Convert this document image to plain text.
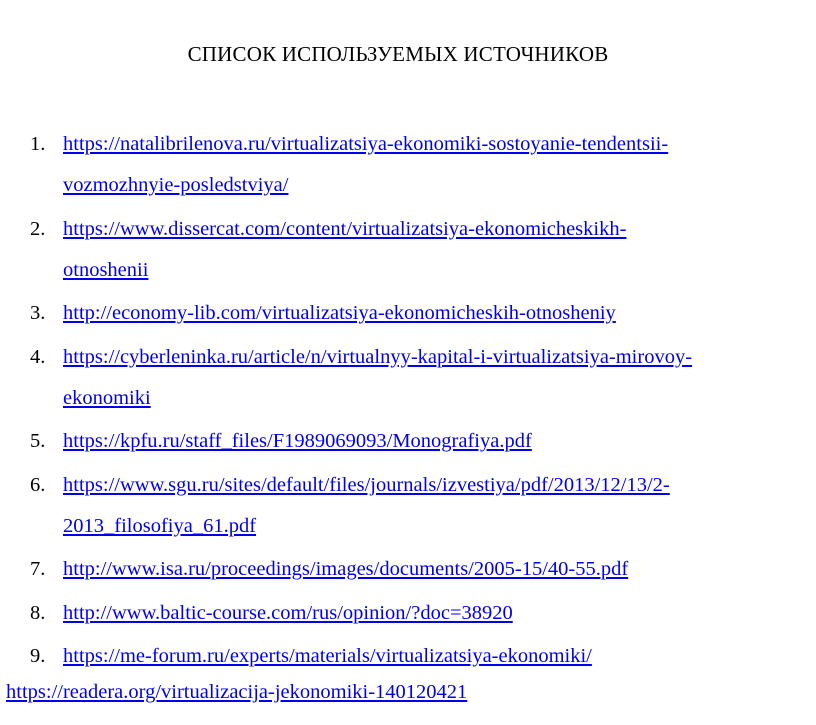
СПИСОК ИСПОЛЬЗУЕМЫХ ИСТОЧНИКОВ
1. https://natalibrilenova.ru/virtualizatsiya-ekonomiki-sostoyanie-tendentsii-
vozmozhnyie-posledstviya/
2. https://www.dissercat.com/content/virtualizatsiya-ekonomicheskikh-
otnoshenii
3. http://economy-lib.com/virtualizatsiya-ekonomicheskih-otnosheniy
4. https://cyberleninka.ru/article/n/virtualnyy-kapital-i-virtualizatsiya-mirovoy-
ekonomiki
5. https://kpfu.ru/staff_files/F1989069093/Monografiya.pdf
6. https://www.sgu.ru/sites/default/files/journals/izvestiya/pdf/2013/12/13/2-
2013_filosofiya_61.pdf
7. http://www.isa.ru/proceedings/images/documents/2005-15/40-55.pdf
8. http://www.baltic-course.com/rus/opinion/?doc=38920
9. https://me-forum.ru/experts/materials/virtualizatsiya-ekonomiki/
https://readera.org/virtualizacija-jekonomiki-140120421
